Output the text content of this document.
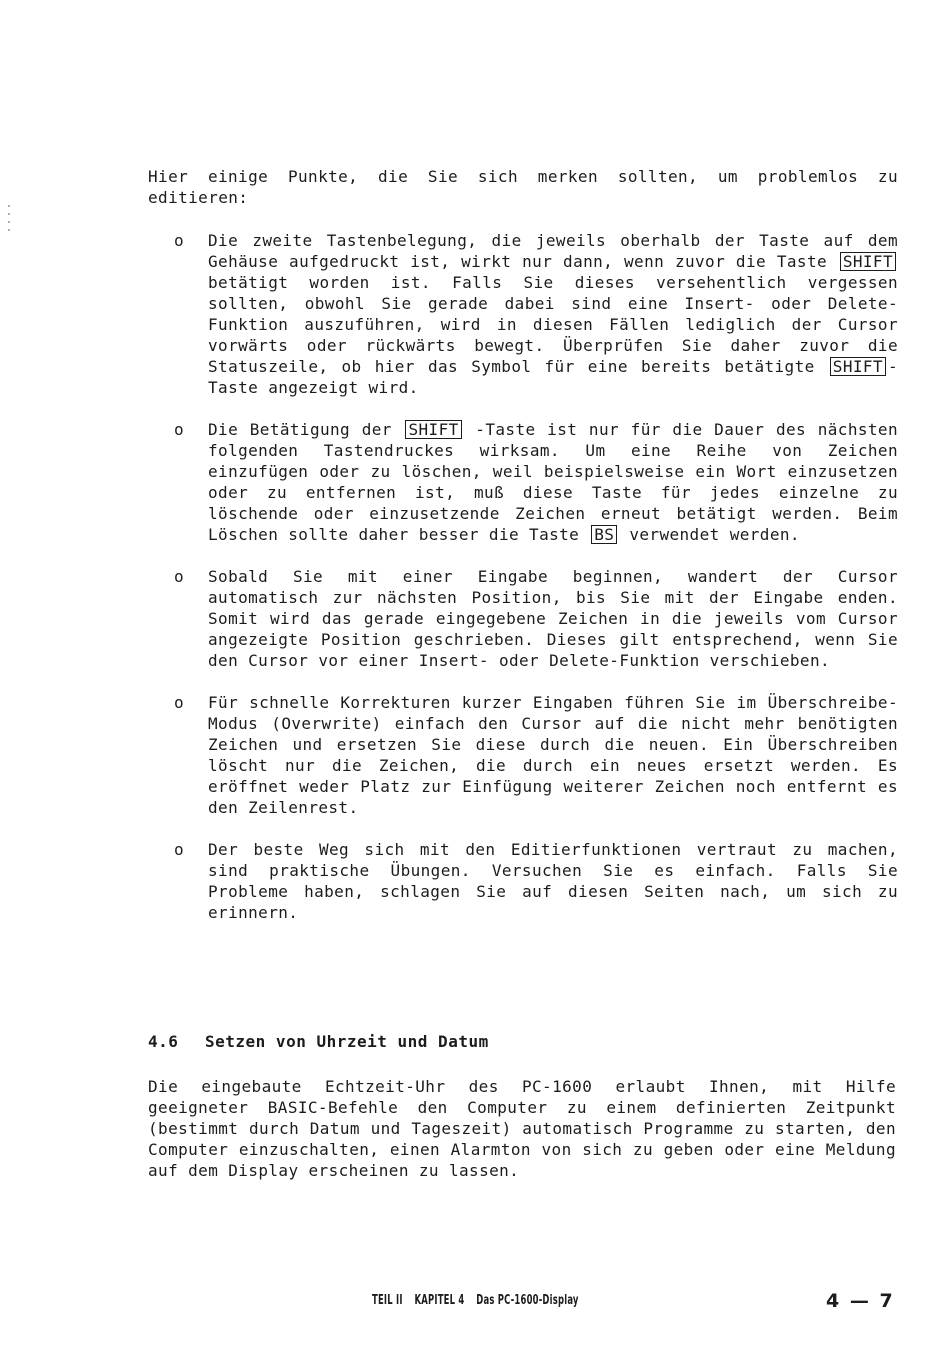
Hier einige Punkte, die Sie sich merken sollten, um problemlos zu editieren:

o Die zweite Tastenbelegung, die jeweils oberhalb der Taste auf dem Gehäuse aufgedruckt ist, wirkt nur dann, wenn zuvor die Taste SHIFT betätigt worden ist. Falls Sie dieses versehentlich vergessen sollten, obwohl Sie gerade dabei sind eine Insert- oder Delete-Funktion auszuführen, wird in diesen Fällen lediglich der Cursor vorwärts oder rückwärts bewegt. Überprüfen Sie daher zuvor die Statuszeile, ob hier das Symbol für eine bereits betätigte SHIFT -Taste angezeigt wird.
o Die Betätigung der SHIFT -Taste ist nur für die Dauer des nächsten folgenden Tastendruckes wirksam. Um eine Reihe von Zeichen einzufügen oder zu löschen, weil beispielsweise ein Wort einzusetzen oder zu entfernen ist, muß diese Taste für jedes einzelne zu löschende oder einzusetzende Zeichen erneut betätigt werden. Beim Löschen sollte daher besser die Taste BS verwendet werden.
o Sobald Sie mit einer Eingabe beginnen, wandert der Cursor automatisch zur nächsten Position, bis Sie mit der Eingabe enden. Somit wird das gerade eingegebene Zeichen in die jeweils vom Cursor angezeigte Position geschrieben. Dieses gilt entsprechend, wenn Sie den Cursor vor einer Insert- oder Delete-Funktion verschieben.
o Für schnelle Korrekturen kurzer Eingaben führen Sie im Überschreibe-Modus (Overwrite) einfach den Cursor auf die nicht mehr benötigten Zeichen und ersetzen Sie diese durch die neuen. Ein Überschreiben löscht nur die Zeichen, die durch ein neues ersetzt werden. Es eröffnet weder Platz zur Einfügung weiterer Zeichen noch entfernt es den Zeilenrest.
o Der beste Weg sich mit den Editierfunktionen vertraut zu machen, sind praktische Übungen. Versuchen Sie es einfach. Falls Sie Probleme haben, schlagen Sie auf diesen Seiten nach, um sich zu erinnern.
4.6 Setzen von Uhrzeit und Datum

Die eingebaute Echtzeit-Uhr des PC-1600 erlaubt Ihnen, mit Hilfe geeigneter BASIC-Befehle den Computer zu einem definierten Zeitpunkt (bestimmt durch Datum und Tageszeit) automatisch Programme zu starten, den Computer einzuschalten, einen Alarmton von sich zu geben oder eine Meldung auf dem Display erscheinen zu lassen.

TEIL II KAPITEL 4 Das PC-1600-Display	4 — 7
